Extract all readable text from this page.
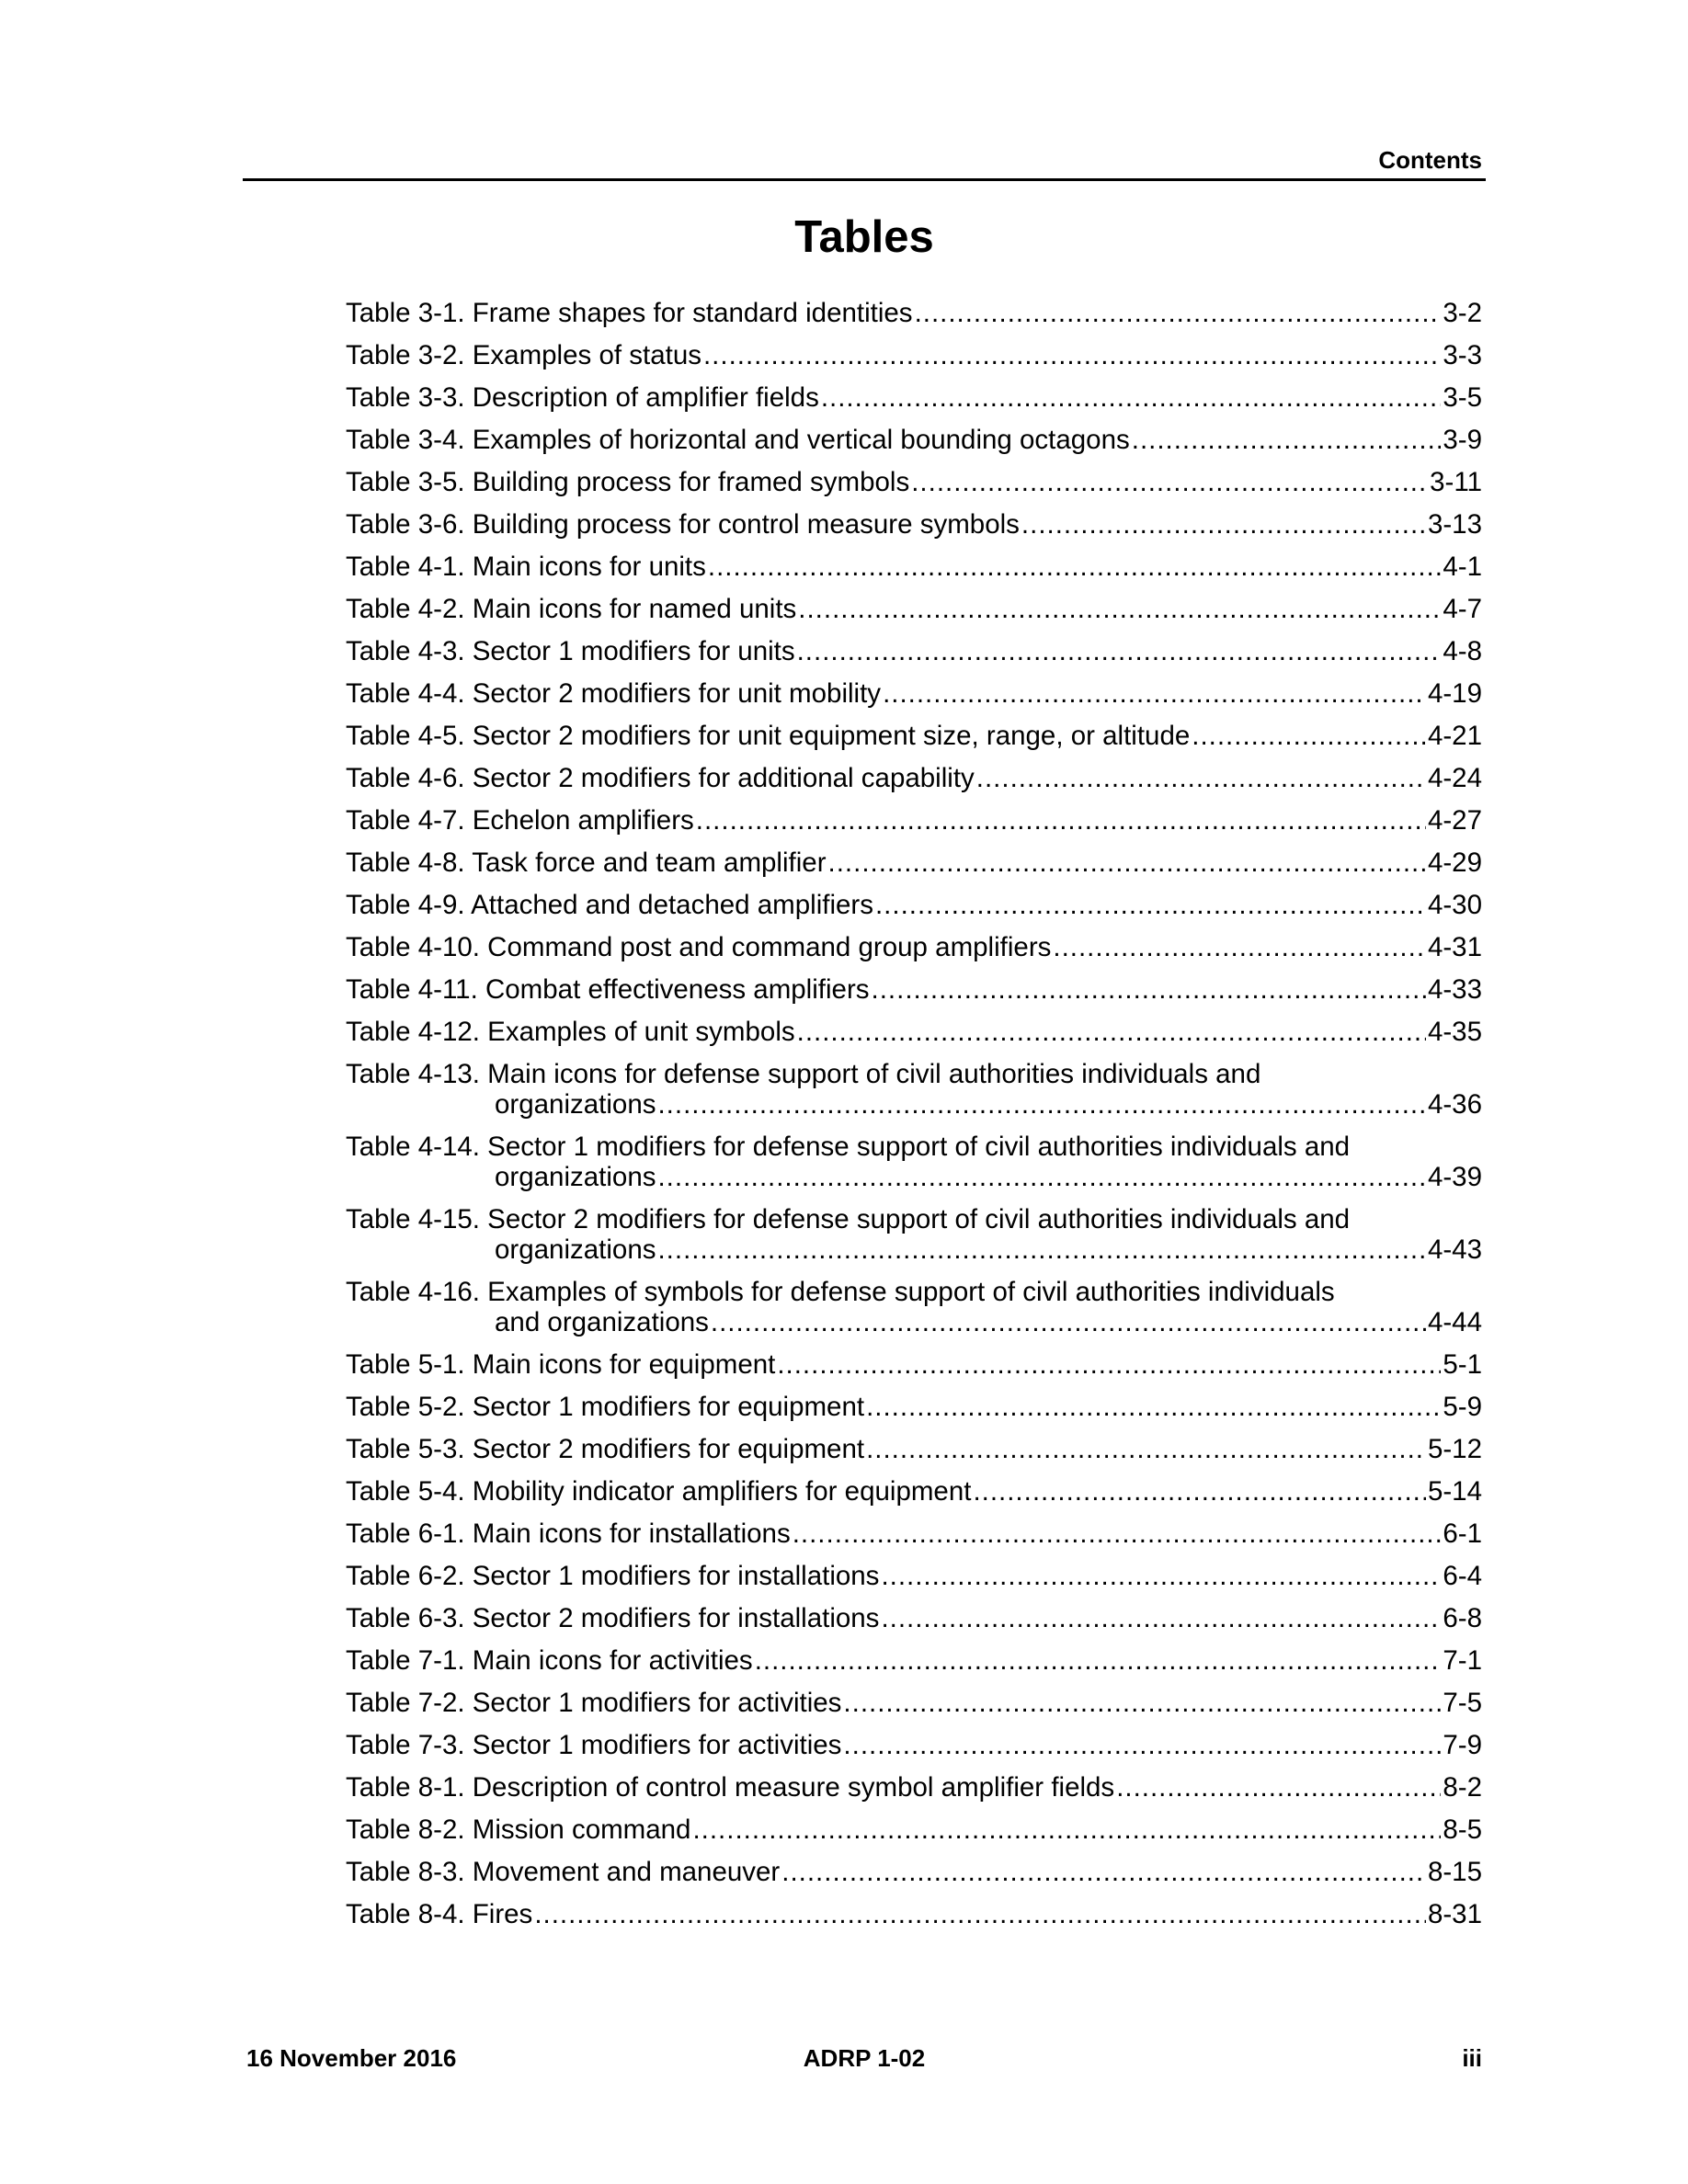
Contents
Tables
Table 3-1. Frame shapes for standard identities .....	3-2
Table 3-2. Examples of status .....	3-3
Table 3-3. Description of amplifier fields .....	3-5
Table 3-4. Examples of horizontal and vertical bounding octagons .....	3-9
Table 3-5. Building process for framed symbols .....	3-11
Table 3-6. Building process for control measure symbols .....	3-13
Table 4-1. Main icons for units .....	4-1
Table 4-2. Main icons for named units .....	4-7
Table 4-3. Sector 1 modifiers for units .....	4-8
Table 4-4. Sector 2 modifiers for unit mobility .....	4-19
Table 4-5. Sector 2 modifiers for unit equipment size, range, or altitude .....	4-21
Table 4-6. Sector 2 modifiers for additional capability .....	4-24
Table 4-7. Echelon amplifiers .....	4-27
Table 4-8. Task force and team amplifier .....	4-29
Table 4-9. Attached and detached amplifiers .....	4-30
Table 4-10. Command post and command group amplifiers .....	4-31
Table 4-11. Combat effectiveness amplifiers .....	4-33
Table 4-12. Examples of unit symbols .....	4-35
Table 4-13. Main icons for defense support of civil authorities individuals and
organizations .....	4-36
Table 4-14. Sector 1 modifiers for defense support of civil authorities individuals and
organizations .....	4-39
Table 4-15. Sector 2 modifiers for defense support of civil authorities individuals and
organizations .....	4-43
Table 4-16. Examples of symbols for defense support of civil authorities individuals
and organizations .....	4-44
Table 5-1. Main icons for equipment .....	5-1
Table 5-2. Sector 1 modifiers for equipment .....	5-9
Table 5-3. Sector 2 modifiers for equipment .....	5-12
Table 5-4. Mobility indicator amplifiers for equipment .....	5-14
Table 6-1. Main icons for installations .....	6-1
Table 6-2. Sector 1 modifiers for installations .....	6-4
Table 6-3. Sector 2 modifiers for installations .....	6-8
Table 7-1. Main icons for activities .....	7-1
Table 7-2. Sector 1 modifiers for activities .....	7-5
Table 7-3. Sector 1 modifiers for activities .....	7-9
Table 8-1. Description of control measure symbol amplifier fields .....	8-2
Table 8-2. Mission command .....	8-5
Table 8-3. Movement and maneuver .....	8-15
Table 8-4. Fires .....	8-31
16 November 2016	ADRP 1-02	iii
